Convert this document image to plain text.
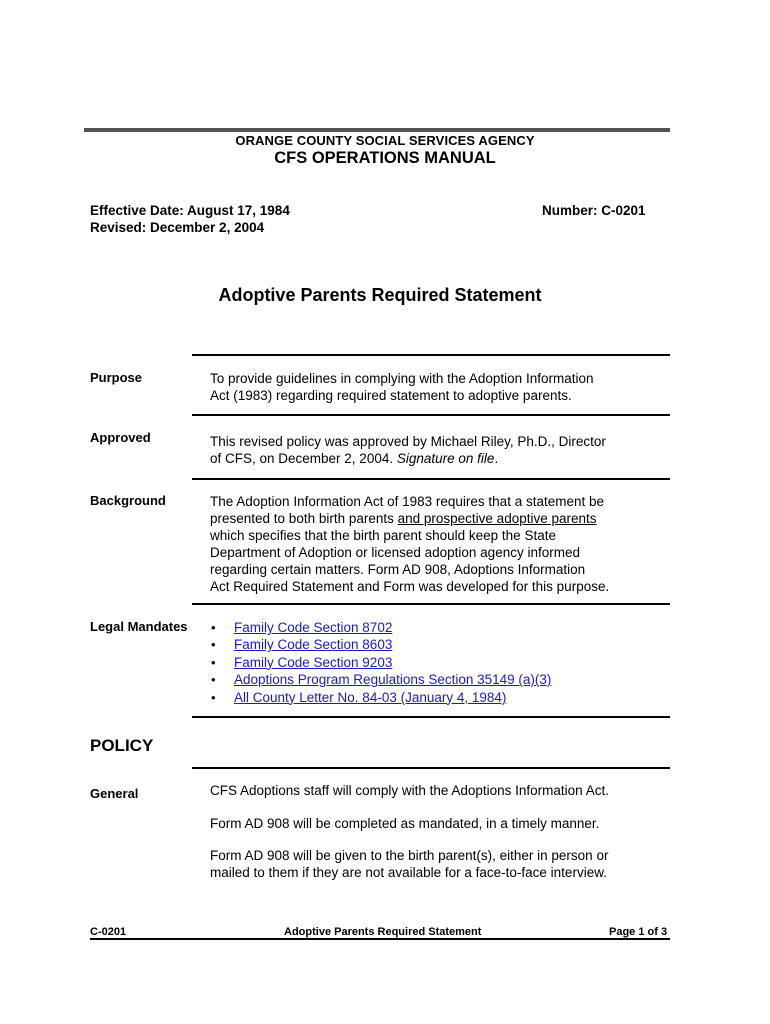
ORANGE COUNTY SOCIAL SERVICES AGENCY
CFS OPERATIONS MANUAL
Effective Date: August 17, 1984
Revised: December 2, 2004
Number: C-0201
Adoptive Parents Required Statement
Purpose	To provide guidelines in complying with the Adoption Information

Act (1983) regarding required statement to adoptive parents.

Approved	This revised policy was approved by Michael Riley, Ph.D., Director

of CFS, on December 2, 2004. Signature on file.

Background	The Adoption Information Act of 1983 requires that a statement be

presented to both birth parents and prospective adoptive parents

which specifies that the birth parent should keep the State

Department of Adoption or licensed adoption agency informed

regarding certain matters. Form AD 908, Adoptions Information

Act Required Statement and Form was developed for this purpose.

Legal Mandates
•	Family Code Section 8702
• Family Code Section 8603
• Family Code Section 9203
• Adoptions Program Regulations Section 35149 (a)(3)
• All County Letter No. 84-03 (January 4, 1984)
POLICY
General	CFS Adoptions staff will comply with the Adoptions Information Act.
Form AD 908 will be completed as mandated, in a timely manner.

Form AD 908 will be given to the birth parent(s), either in person or

mailed to them if they are not available for a face-to-face interview.

C-0201	Adoptive Parents Required Statement	Page 1 of 3
